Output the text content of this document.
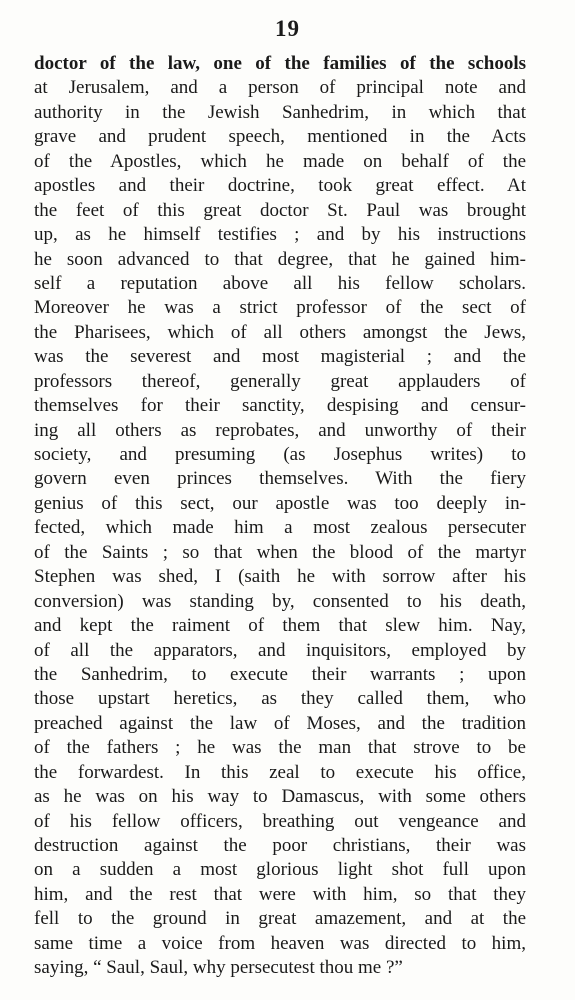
19
doctor of the law, one of the families of the schools
at Jerusalem, and a person of principal note and
authority in the Jewish Sanhedrim, in which that
grave and prudent speech, mentioned in the Acts
of the Apostles, which he made on behalf of the
apostles and their doctrine, took great effect. At
the feet of this great doctor St. Paul was brought
up, as he himself testifies ; and by his instructions
he soon advanced to that degree, that he gained him-
self a reputation above all his fellow scholars.
Moreover he was a strict professor of the sect of
the Pharisees, which of all others amongst the Jews,
was the severest and most magisterial ; and the
professors thereof, generally great applauders of
themselves for their sanctity, despising and censur-
ing all others as reprobates, and unworthy of their
society, and presuming (as Josephus writes) to
govern even princes themselves. With the fiery
genius of this sect, our apostle was too deeply in-
fected, which made him a most zealous persecuter
of the Saints ; so that when the blood of the martyr
Stephen was shed, I (saith he with sorrow after his
conversion) was standing by, consented to his death,
and kept the raiment of them that slew him. Nay,
of all the apparators, and inquisitors, employed by
the Sanhedrim, to execute their warrants ; upon
those upstart heretics, as they called them, who
preached against the law of Moses, and the tradition
of the fathers ; he was the man that strove to be
the forwardest. In this zeal to execute his office,
as he was on his way to Damascus, with some others
of his fellow officers, breathing out vengeance and
destruction against the poor christians, their was
on a sudden a most glorious light shot full upon
him, and the rest that were with him, so that they
fell to the ground in great amazement, and at the
same time a voice from heaven was directed to him,
saying, “ Saul, Saul, why persecutest thou me ?”
